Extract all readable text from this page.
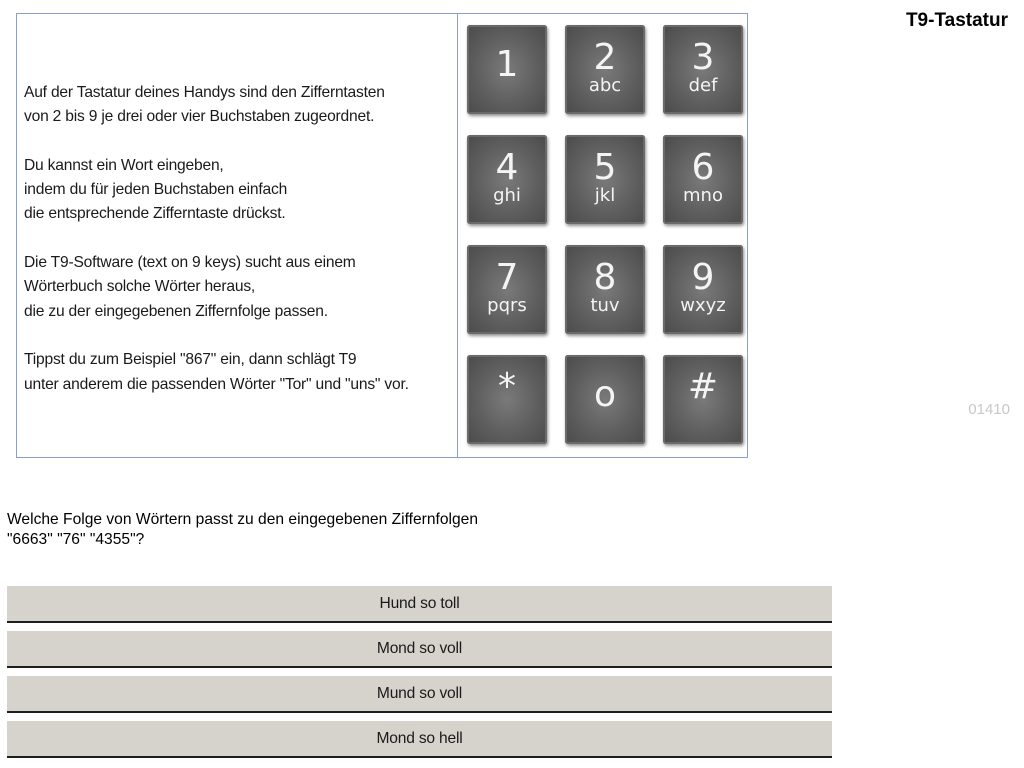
T9-Tastatur
01410

Auf der Tastatur deines Handys sind den Zifferntasten
von 2 bis 9 je drei oder vier Buchstaben zugeordnet.

Du kannst ein Wort eingeben,
indem du für jeden Buchstaben einfach
die entsprechende Zifferntaste drückst.

Die T9-Software (text on 9 keys) sucht aus einem
Wörterbuch solche Wörter heraus,
die zu der eingegebenen Ziffernfolge passen.

Tippst du zum Beispiel "867" ein, dann schlägt T9
unter anderem die passenden Wörter "Tor" und "uns" vor.

1	2
abc
3
def
4
ghi
5
jkl
6
mno
7
pqrs
8
tuv
9
wxyz
*	o	#
Welche Folge von Wörtern passt zu den eingegebenen Ziffernfolgen
"6663" "76" "4355"?
Hund so toll
Mond so voll
Mund so voll
Mond so hell
